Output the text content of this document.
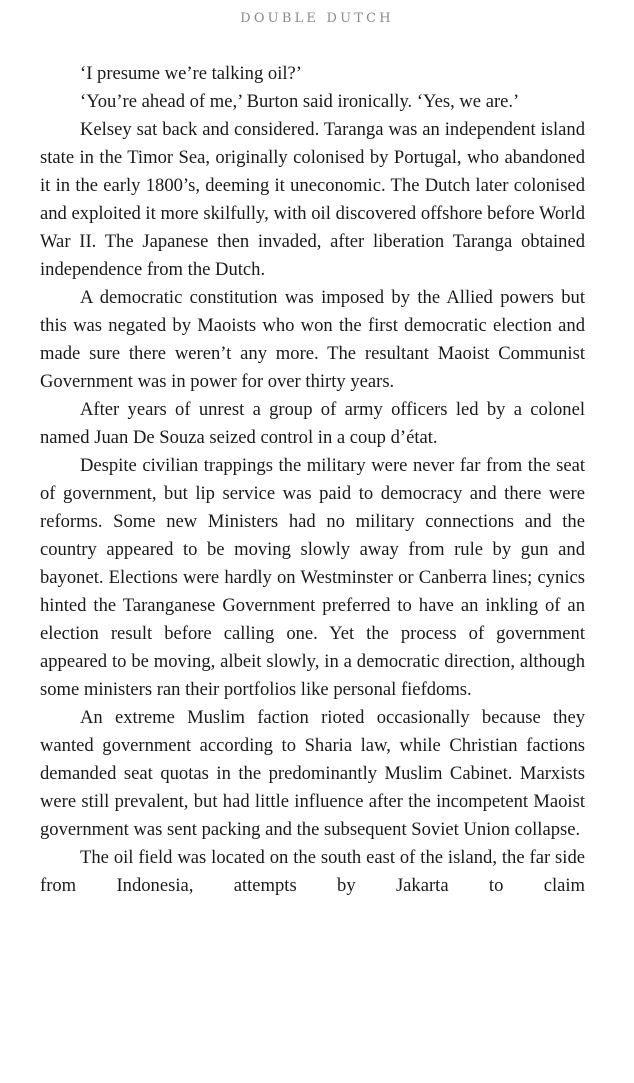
DOUBLE DUTCH

‘I presume we’re talking oil?’

‘You’re ahead of me,’ Burton said ironically. ‘Yes, we are.’

Kelsey sat back and considered. Taranga was an independent island state in the Timor Sea, originally colonised by Portugal, who abandoned it in the early 1800’s, deeming it uneconomic. The Dutch later colonised and exploited it more skilfully, with oil discovered offshore before World War II. The Japanese then invaded, after liberation Taranga obtained independence from the Dutch.

A democratic constitution was imposed by the Allied powers but this was negated by Maoists who won the first democratic election and made sure there weren’t any more. The resultant Maoist Communist Government was in power for over thirty years.

After years of unrest a group of army officers led by a colonel named Juan De Souza seized control in a coup d’état.

Despite civilian trappings the military were never far from the seat of government, but lip service was paid to democracy and there were reforms. Some new Ministers had no military connections and the country appeared to be moving slowly away from rule by gun and bayonet. Elections were hardly on Westminster or Canberra lines; cynics hinted the Taranganese Government preferred to have an inkling of an election result before calling one. Yet the process of government appeared to be moving, albeit slowly, in a democratic direction, although some ministers ran their portfolios like personal fiefdoms.

An extreme Muslim faction rioted occasionally because they wanted government according to Sharia law, while Christian factions demanded seat quotas in the predominantly Muslim Cabinet. Marxists were still prevalent, but had little influence after the incompetent Maoist government was sent packing and the subsequent Soviet Union collapse.

The oil field was located on the south east of the island, the far side from Indonesia, attempts by Jakarta to claim
